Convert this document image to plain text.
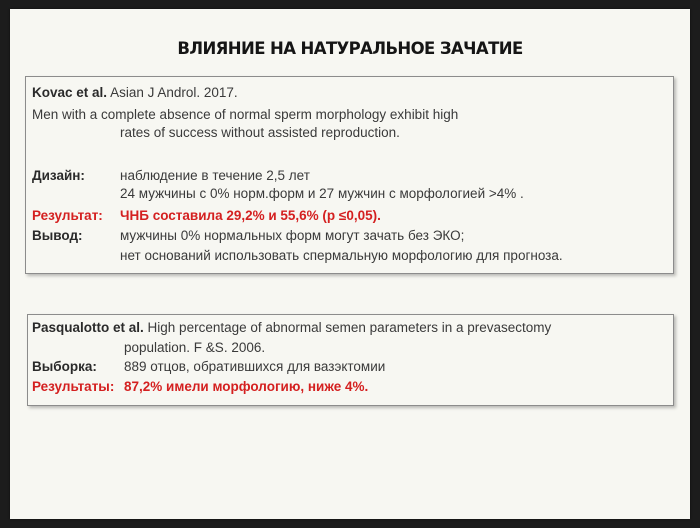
ВЛИЯНИЕ НА НАТУРАЛЬНОЕ ЗАЧАТИЕ
Kovac et al. Asian J Androl. 2017.
Men with a complete absence of normal sperm morphology exhibit high
rates of success without assisted reproduction.
Дизайн:	наблюдение в течение 2,5 лет
24 мужчины с 0% норм.форм и 27 мужчин с морфологией >4% .
Результат: ЧНБ составила 29,2% и 55,6% (p ≤0,05).
Вывод:	мужчины 0% нормальных форм могут зачать без ЭКО;
нет оснований использовать спермальную морфологию для прогноза.
Pasqualotto et al. High percentage of abnormal semen parameters in a prevasectomy
population. F &S. 2006.
Выборка: 889 отцов, обратившихся для вазэктомии
Результаты: 87,2% имели морфологию, ниже 4%.
